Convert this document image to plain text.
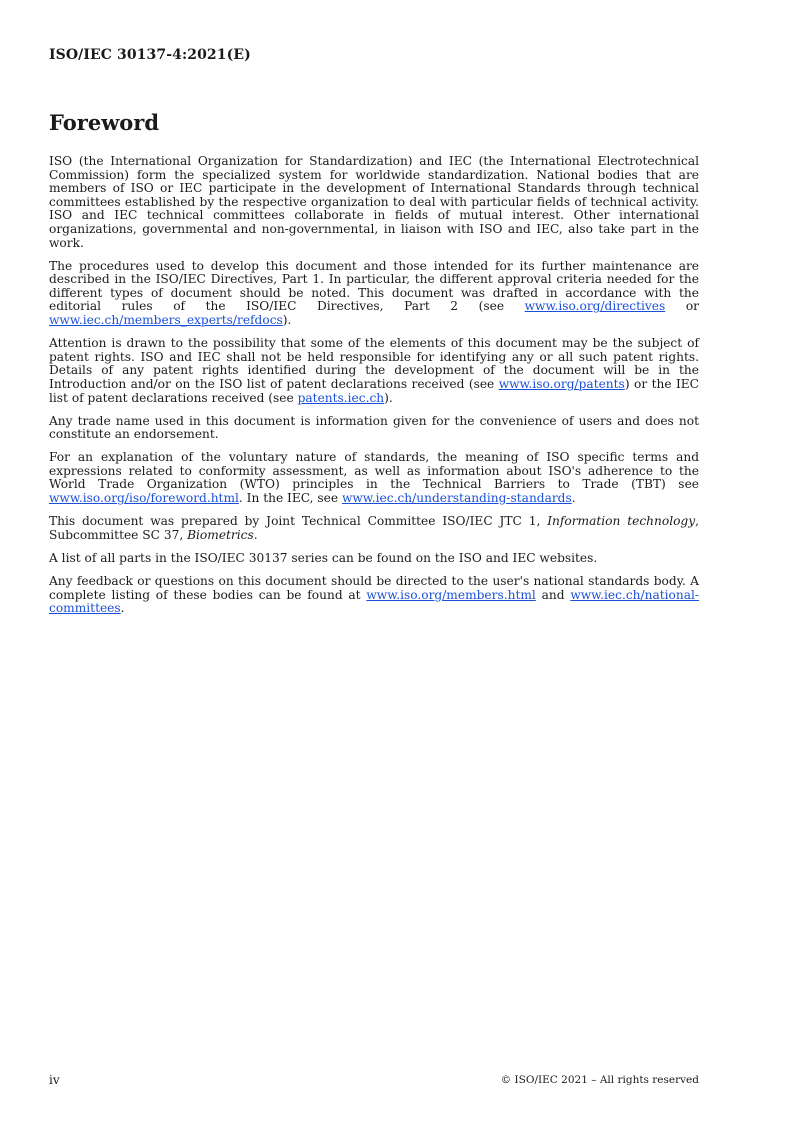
ISO/IEC 30137-4:2021(E)
Foreword

ISO (the International Organization for Standardization) and IEC (the International Electrotechnical Commission) form the specialized system for worldwide standardization. National bodies that are members of ISO or IEC participate in the development of International Standards through technical committees established by the respective organization to deal with particular fields of technical activity. ISO and IEC technical committees collaborate in fields of mutual interest. Other international organizations, governmental and non-governmental, in liaison with ISO and IEC, also take part in the work.

The procedures used to develop this document and those intended for its further maintenance are described in the ISO/IEC Directives, Part 1. In particular, the different approval criteria needed for the different types of document should be noted. This document was drafted in accordance with the editorial rules of the ISO/IEC Directives, Part 2 (see www.iso.org/directives or www.iec.ch/members_experts/refdocs).

Attention is drawn to the possibility that some of the elements of this document may be the subject of patent rights. ISO and IEC shall not be held responsible for identifying any or all such patent rights. Details of any patent rights identified during the development of the document will be in the Introduction and/or on the ISO list of patent declarations received (see www.iso.org/patents) or the IEC list of patent declarations received (see patents.iec.ch).

Any trade name used in this document is information given for the convenience of users and does not constitute an endorsement.

For an explanation of the voluntary nature of standards, the meaning of ISO specific terms and expressions related to conformity assessment, as well as information about ISO's adherence to the World Trade Organization (WTO) principles in the Technical Barriers to Trade (TBT) see www.iso.org/iso/foreword.html. In the IEC, see www.iec.ch/understanding-standards.

This document was prepared by Joint Technical Committee ISO/IEC JTC 1, Information technology, Subcommittee SC 37, Biometrics.

A list of all parts in the ISO/IEC 30137 series can be found on the ISO and IEC websites.

Any feedback or questions on this document should be directed to the user's national standards body. A complete listing of these bodies can be found at www.iso.org/members.html and www.iec.ch/national-committees.

iv	© ISO/IEC 2021 – All rights reserved
